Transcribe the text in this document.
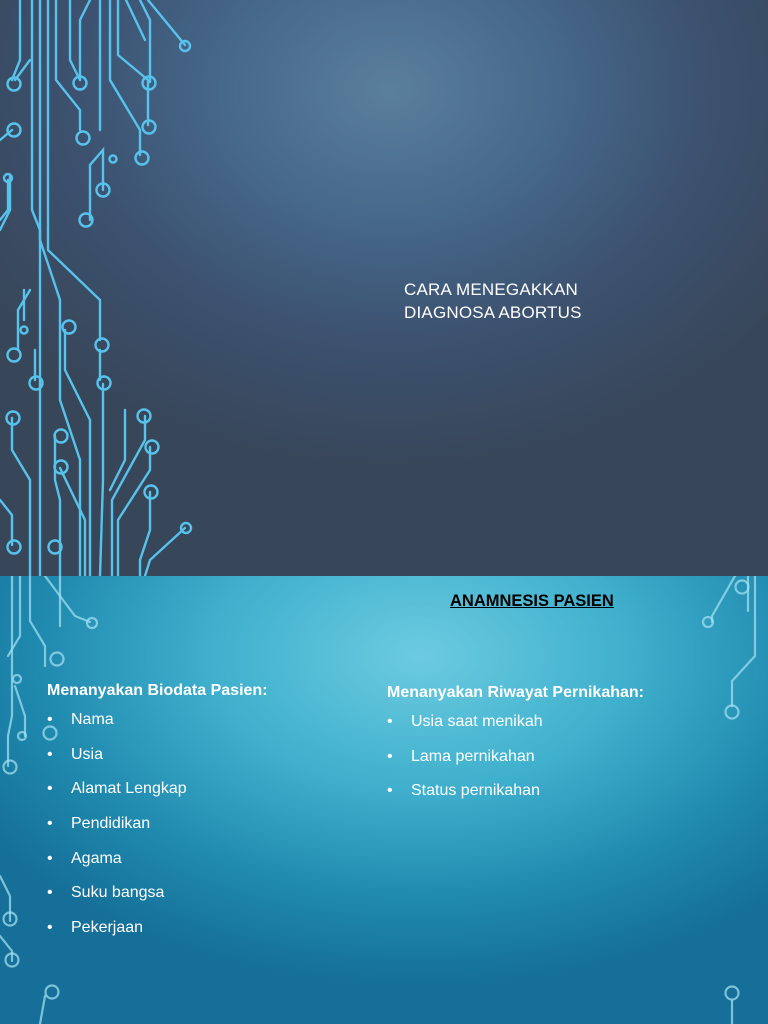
CARA MENEGAKKAN
DIAGNOSA ABORTUS
ANAMNESIS PASIEN

Menanyakan Biodata Pasien:

• Nama
• Usia
• Alamat Lengkap
• Pendidikan
• Agama
• Suku bangsa
• Pekerjaan

Menanyakan Riwayat Pernikahan:

• Usia saat menikah
• Lama pernikahan
• Status pernikahan
